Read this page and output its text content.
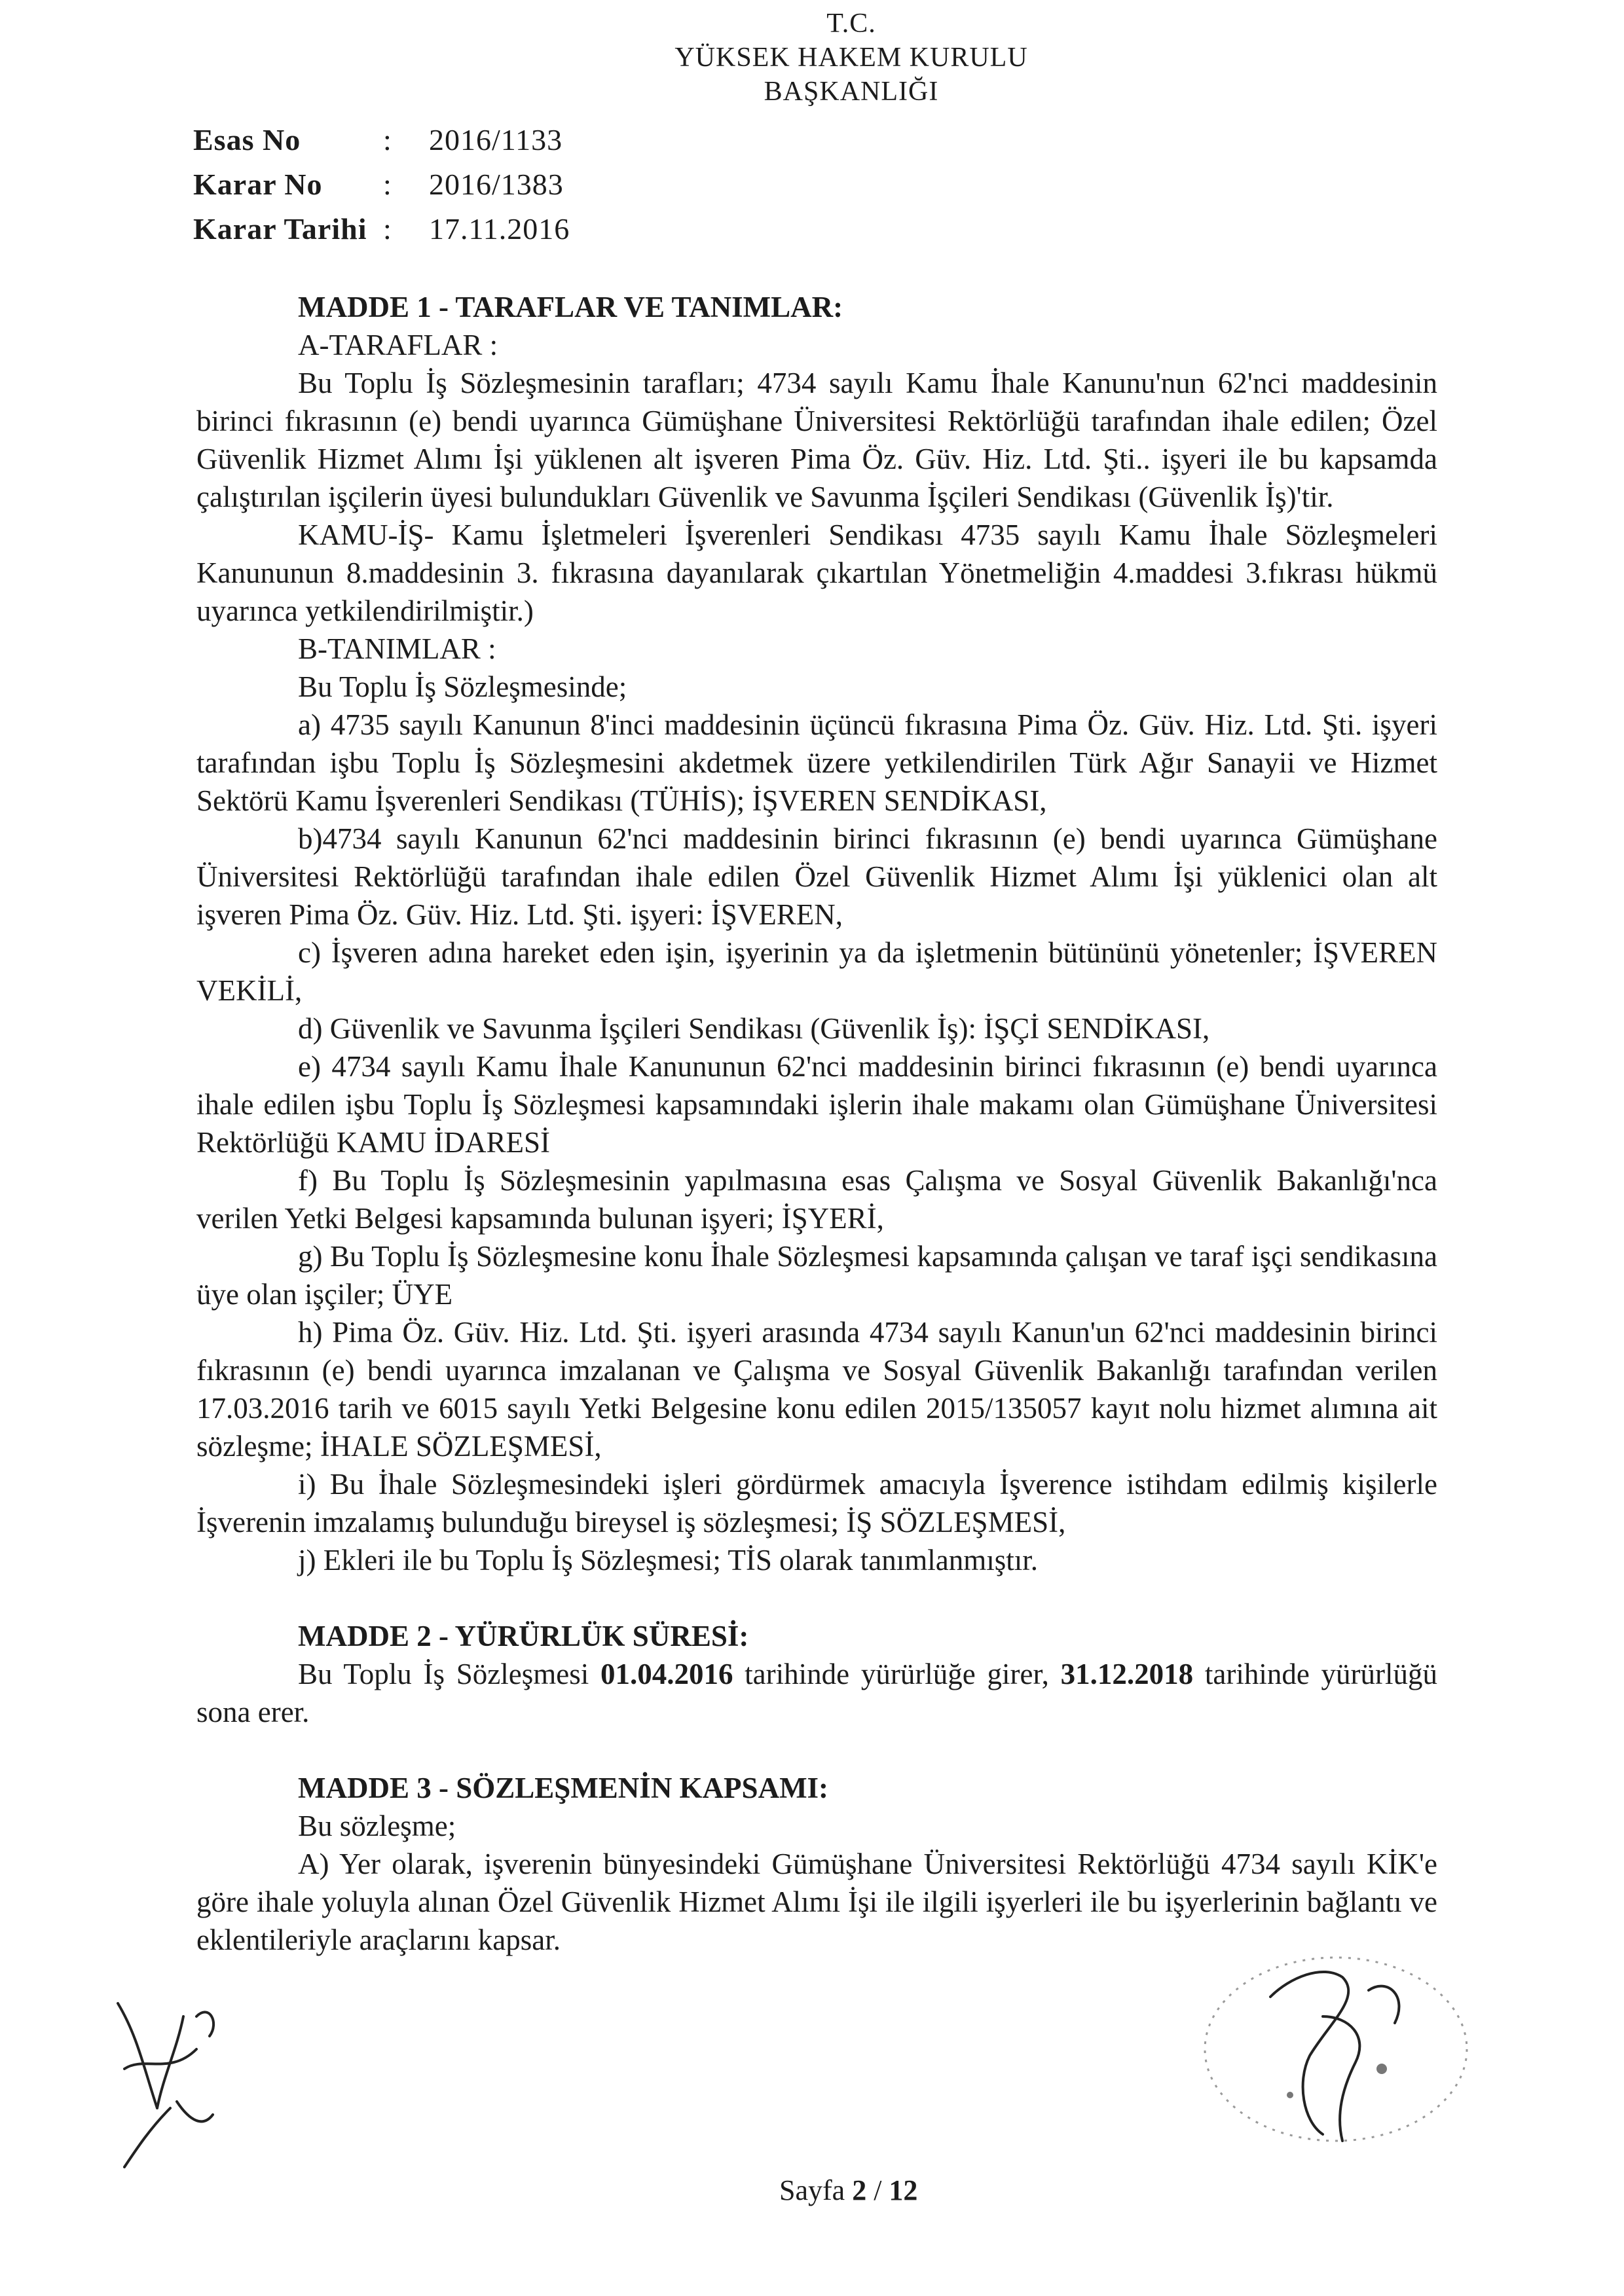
T.C.
YÜKSEK HAKEM KURULU
BAŞKANLIĞI
Esas No	:	2016/1133
Karar No	:	2016/1383
Karar Tarihi :	17.11.2016
MADDE 1 - TARAFLAR VE TANIMLAR:
A-TARAFLAR :

Bu Toplu İş Sözleşmesinin tarafları; 4734 sayılı Kamu İhale Kanunu'nun 62'nci maddesinin birinci fıkrasının (e) bendi uyarınca Gümüşhane Üniversitesi Rektörlüğü tarafından ihale edilen; Özel Güvenlik Hizmet Alımı İşi yüklenen alt işveren Pima Öz. Güv. Hiz. Ltd. Şti.. işyeri ile bu kapsamda çalıştırılan işçilerin üyesi bulundukları Güvenlik ve Savunma İşçileri Sendikası (Güvenlik İş)'tir.

KAMU-İŞ- Kamu İşletmeleri İşverenleri Sendikası 4735 sayılı Kamu İhale Sözleşmeleri Kanununun 8.maddesinin 3. fıkrasına dayanılarak çıkartılan Yönetmeliğin 4.maddesi 3.fıkrası hükmü uyarınca yetkilendirilmiştir.)

B-TANIMLAR :
Bu Toplu İş Sözleşmesinde;

a) 4735 sayılı Kanunun 8'inci maddesinin üçüncü fıkrasına Pima Öz. Güv. Hiz. Ltd. Şti. işyeri tarafından işbu Toplu İş Sözleşmesini akdetmek üzere yetkilendirilen Türk Ağır Sanayii ve Hizmet Sektörü Kamu İşverenleri Sendikası (TÜHİS); İŞVEREN SENDİKASI,

b)4734 sayılı Kanunun 62'nci maddesinin birinci fıkrasının (e) bendi uyarınca Gümüşhane Üniversitesi Rektörlüğü tarafından ihale edilen Özel Güvenlik Hizmet Alımı İşi yüklenici olan alt işveren Pima Öz. Güv. Hiz. Ltd. Şti. işyeri: İŞVEREN,

c) İşveren adına hareket eden işin, işyerinin ya da işletmenin bütününü yönetenler; İŞVEREN VEKİLİ,

d) Güvenlik ve Savunma İşçileri Sendikası (Güvenlik İş): İŞÇİ SENDİKASI,

e) 4734 sayılı Kamu İhale Kanununun 62'nci maddesinin birinci fıkrasının (e) bendi uyarınca ihale edilen işbu Toplu İş Sözleşmesi kapsamındaki işlerin ihale makamı olan Gümüşhane Üniversitesi Rektörlüğü KAMU İDARESİ

f) Bu Toplu İş Sözleşmesinin yapılmasına esas Çalışma ve Sosyal Güvenlik Bakanlığı'nca verilen Yetki Belgesi kapsamında bulunan işyeri; İŞYERİ,

g) Bu Toplu İş Sözleşmesine konu İhale Sözleşmesi kapsamında çalışan ve taraf işçi sendikasına üye olan işçiler; ÜYE

h) Pima Öz. Güv. Hiz. Ltd. Şti. işyeri arasında 4734 sayılı Kanun'un 62'nci maddesinin birinci fıkrasının (e) bendi uyarınca imzalanan ve Çalışma ve Sosyal Güvenlik Bakanlığı tarafından verilen 17.03.2016 tarih ve 6015 sayılı Yetki Belgesine konu edilen 2015/135057 kayıt nolu hizmet alımına ait sözleşme; İHALE SÖZLEŞMESİ,

i) Bu İhale Sözleşmesindeki işleri gördürmek amacıyla İşverence istihdam edilmiş kişilerle İşverenin imzalamış bulunduğu bireysel iş sözleşmesi; İŞ SÖZLEŞMESİ,

j) Ekleri ile bu Toplu İş Sözleşmesi; TİS olarak tanımlanmıştır.

MADDE 2 - YÜRÜRLÜK SÜRESİ:

Bu Toplu İş Sözleşmesi 01.04.2016 tarihinde yürürlüğe girer, 31.12.2018 tarihinde yürürlüğü sona erer.

MADDE 3 - SÖZLEŞMENİN KAPSAMI:
Bu sözleşme;

A) Yer olarak, işverenin bünyesindeki Gümüşhane Üniversitesi Rektörlüğü 4734 sayılı KİK'e göre ihale yoluyla alınan Özel Güvenlik Hizmet Alımı İşi ile ilgili işyerleri ile bu işyerlerinin bağlantı ve eklentileriyle araçlarını kapsar.

Sayfa 2 / 12
